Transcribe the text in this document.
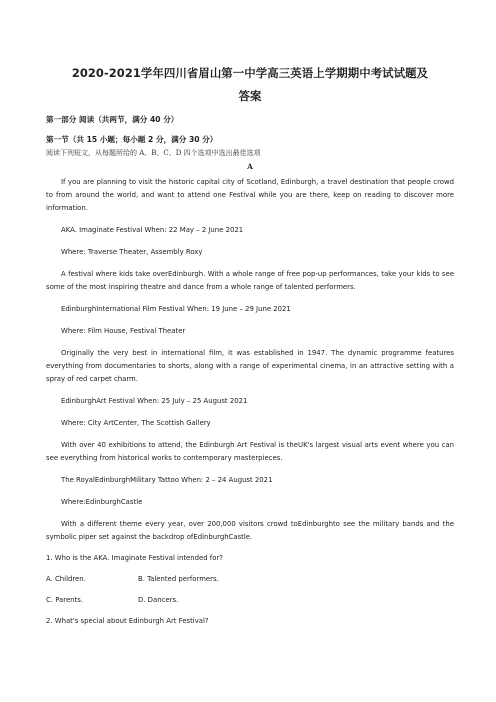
2020-2021学年四川省眉山第一中学高三英语上学期期中考试试题及
答案
第一部分 阅读（共两节，满分 40 分）
第一节（共 15 小题；每小题 2 分，满分 30 分）
阅读下列短文，从每题所给的 A、B、C、D 四个选项中选出最佳选项
A

If you are planning to visit the historic capital city of Scotland, Edinburgh, a travel destination that people crowd to from around the world, and want to attend one Festival while you are there, keep on reading to discover more information.

AKA. Imaginate Festival When: 22 May – 2 June 2021

Where: Traverse Theater, Assembly Roxy

A festival where kids take overEdinburgh. With a whole range of free pop-up performances, take your kids to see some of the most inspiring theatre and dance from a whole range of talented performers.

EdinburghInternational Film Festival When: 19 June – 29 June 2021

Where: Film House, Festival Theater

Originally the very best in international film, it was established in 1947. The dynamic programme features everything from documentaries to shorts, along with a range of experimental cinema, in an attractive setting with a spray of red carpet charm.

EdinburghArt Festival When: 25 July – 25 August 2021

Where: City ArtCenter, The Scottish Gallery

With over 40 exhibitions to attend, the Edinburgh Art Festival is theUK's largest visual arts event where you can see everything from historical works to contemporary masterpieces.

The RoyalEdinburghMilitary Tattoo When: 2 – 24 August 2021

Where:EdinburghCastle

With a different theme every year, over 200,000 visitors crowd toEdinburghto see the military bands and the symbolic piper set against the backdrop ofEdinburghCastle.

1. Who is the AKA. Imaginate Festival intended for?

A. Children.	B. Talented performers.
C. Parents.	D. Dancers.

2. What's special about Edinburgh Art Festival?
